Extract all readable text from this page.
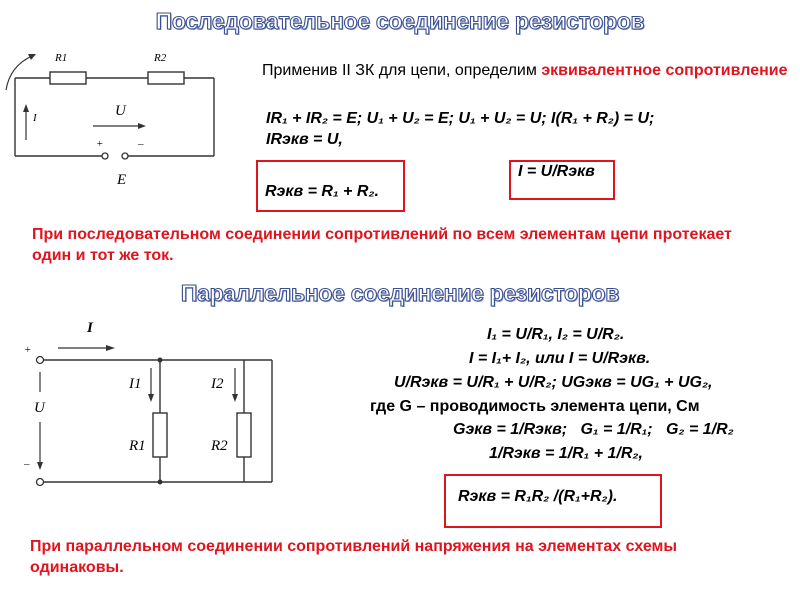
Последовательное соединение резисторов
R1	R2
I	U
E
+	–
Применив II ЗК для цепи, определим эквивалентное сопротивление
IR₁ + IR₂ = E; U₁ + U₂ = E; U₁ + U₂ = U; I(R₁ + R₂) = U;
IRэкв = U,
Rэкв = R₁ + R₂.
I = U/Rэкв
При последовательном соединении сопротивлений по всем элементам цепи протекает один и тот же ток.
Параллельное соединение резисторов
I
I1	I2
R1	R2
U
+
–
I₁ = U/R₁, I₂ = U/R₂.
I = I₁+ I₂, или I = U/Rэкв.
U/Rэкв = U/R₁ + U/R₂; UGэкв = UG₁ + UG₂,
где G – проводимость элемента цепи, См
Gэкв = 1/Rэкв;   G₁ = 1/R₁;   G₂ = 1/R₂
1/Rэкв = 1/R₁ + 1/R₂,
Rэкв = R₁R₂ /(R₁+R₂).
При параллельном соединении сопротивлений напряжения на элементах схемы одинаковы.
